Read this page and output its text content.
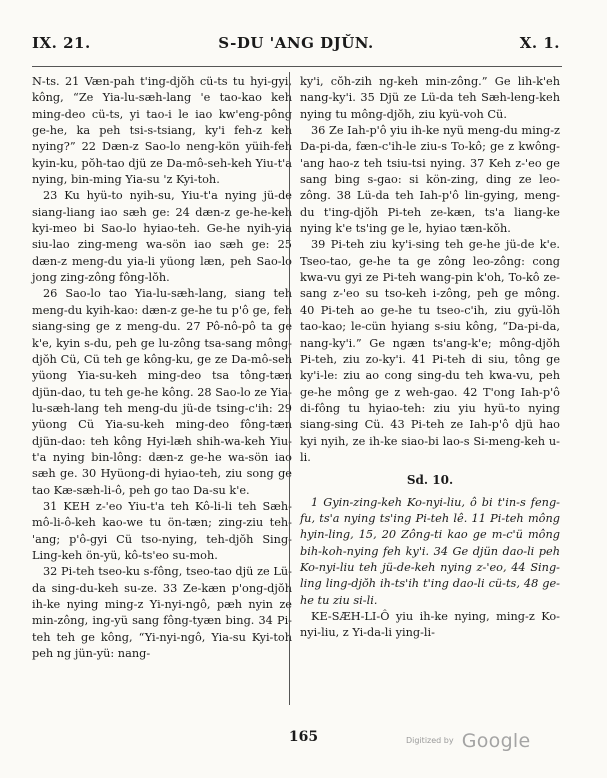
IX. 21.	S-DU 'ANG DJŬN.	X. 1.

N-ts. 21 Væn-pah t'ing-djŏh cü-ts tu hyi-gyi, kông, “Ze Yia-lu-sæh-lang 'e tao-kao keh ming-deo cü-ts, yi tao-i le iao kw'eng-pông ge-he, ka peh tsi-s-tsiang, ky'i feh-z keh nying?” 22 Dæn-z Sao-lo neng-kön yüih-feh kyin-ku, pŏh-tao djü ze Da-mô-seh-keh Yiu-t'a nying, bin-ming Yia-su 'z Kyi-toh.

23 Ku hyü-to nyih-su, Yiu-t'a nying jü-de siang-liang iao sæh ge: 24 dæn-z ge-he-keh kyi-meo bi Sao-lo hyiao-teh. Ge-he nyih-yia siu-lao zing-meng wa-sön iao sæh ge: 25 dæn-z meng-du yia-li yüong læn, peh Sao-lo jong zing-zông fông-lŏh.

26 Sao-lo tao Yia-lu-sæh-lang, siang teh meng-du kyih-kao: dæn-z ge-he tu p'ô ge, feh siang-sing ge z meng-du. 27 Pô-nô-pô ta ge k'e, kyin s-du, peh ge lu-zông tsa-sang mông-djŏh Cü, Cü teh ge kông-ku, ge ze Da-mô-seh yüong Yia-su-keh ming-deo tsa tông-tæn djün-dao, tu teh ge-he kông. 28 Sao-lo ze Yia-lu-sæh-lang teh meng-du jü-de tsing-c'ih: 29 yüong Cü Yia-su-keh ming-deo fông-tæn djün-dao: teh kông Hyi-læh shih-wa-keh Yiu-t'a nying bin-lông: dæn-z ge-he wa-sön iao sæh ge. 30 Hyüong-di hyiao-teh, ziu song ge tao Kæ-sæh-li-ô, peh go tao Da-su k'e.

31 KEH z-'eo Yiu-t'a teh Kô-li-li teh Sæh-mô-li-ô-keh kao-we tu ön-tæn; zing-ziu teh-'ang; p'ô-gyi Cü tso-nying, teh-djŏh Sing-Ling-keh ön-yü, kô-ts'eo su-moh.

32 Pi-teh tseo-ku s-fông, tseo-tao djü ze Lü-da sing-du-keh su-ze. 33 Ze-kæn p'ong-djŏh ih-ke nying ming-z Yi-nyi-ngô, pæh nyin ze min-zông, ing-yü sang fông-tyæn bing. 34 Pi-teh teh ge kông, “Yi-nyi-ngô, Yia-su Kyi-toh peh ng jün-yü: nang-

ky'i, cŏh-zih ng-keh min-zông.” Ge lih-k'eh nang-ky'i. 35 Djü ze Lü-da teh Sæh-leng-keh nying tu mông-djŏh, ziu kyü-voh Cü.

36 Ze Iah-p'ô yiu ih-ke nyü meng-du ming-z Da-pi-da, fæn-c'ih-le ziu-s To-kô; ge z kwông-'ang hao-z teh tsiu-tsi nying. 37 Keh z-'eo ge sang bing s-gao: si kön-zing, ding ze leo-zông. 38 Lü-da teh Iah-p'ô lin-gying, meng-du t'ing-djŏh Pi-teh ze-kæn, ts'a liang-ke nying k'e ts'ing ge le, hyiao tæn-kŏh.

39 Pi-teh ziu ky'i-sing teh ge-he jü-de k'e. Tseo-tao, ge-he ta ge zông leo-zông: cong kwa-vu gyi ze Pi-teh wang-pin k'oh, To-kô ze-sang z-'eo su tso-keh i-zông, peh ge mông. 40 Pi-teh ao ge-he tu tseo-c'ih, ziu gyü-lŏh tao-kao; le-cün hyiang s-siu kông, “Da-pi-da, nang-ky'i.” Ge ngæn ts'ang-k'e; mông-djŏh Pi-teh, ziu zo-ky'i. 41 Pi-teh di siu, tông ge ky'i-le: ziu ao cong sing-du teh kwa-vu, peh ge-he mông ge z weh-gao. 42 T'ong Iah-p'ô di-fông tu hyiao-teh: ziu yiu hyü-to nying siang-sing Cü. 43 Pi-teh ze Iah-p'ô djü hao kyi nyih, ze ih-ke siao-bi lao-s Si-meng-keh u-li.

Sd. 10.

1 Gyin-zing-keh Ko-nyi-liu, ô bi t'in-s feng-fu, ts'a nying ts'ing Pi-teh lê. 11 Pi-teh mông hyin-ling, 15, 20 Zông-ti kao ge m-c'ü mông bih-koh-nying feh ky'i. 34 Ge djün dao-li peh Ko-nyi-liu teh jü-de-keh nying z-'eo, 44 Sing-ling ling-djŏh ih-ts'ih t'ing dao-li cü-ts, 48 ge-he tu ziu si-li.

KE-SÆH-LI-Ô yiu ih-ke nying, ming-z Ko-nyi-liu, z Yi-da-li ying-li-

165	$^{Digitized by}$ Google
